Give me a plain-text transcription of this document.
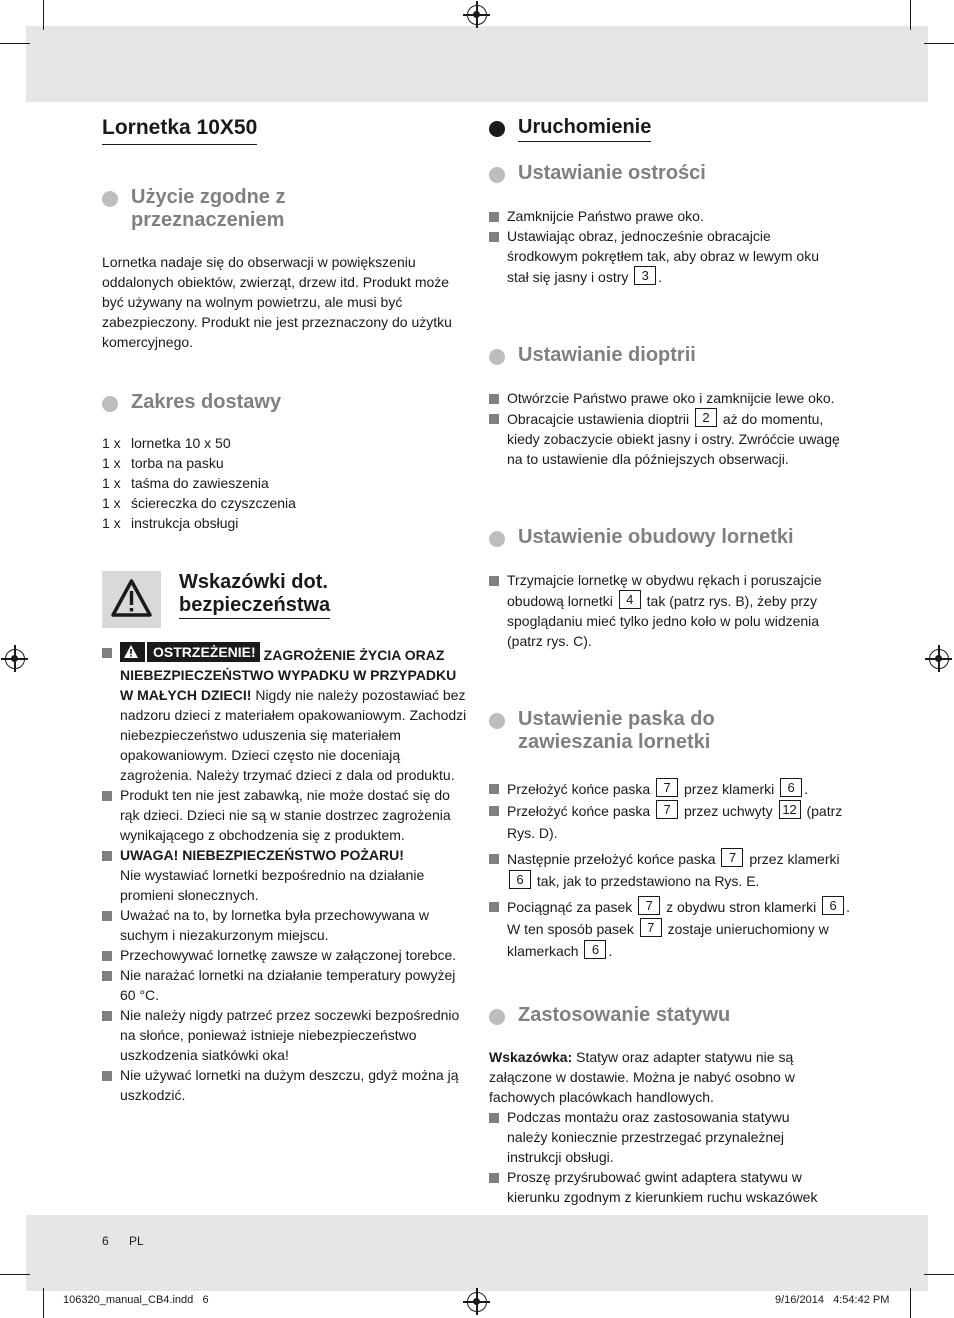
Lornetka 10X50
Użycie zgodne z przeznaczeniem

Lornetka nadaje się do obserwacji w powiększeniu oddalonych obiektów, zwierząt, drzew itd. Produkt może być używany na wolnym powietrzu, ale musi być zabezpieczony. Produkt nie jest przeznaczony do użytku komercyjnego.

Zakres dostawy
1 x lornetka 10 x 50
1 x torba na pasku
1 x taśma do zawieszenia
1 x ściereczka do czyszczenia
1 x instrukcja obsługi
Wskazówki dot.
bezpieczeństwa
OSTRZEŻENIE! ZAGROŻENIE ŻYCIA ORAZ NIEBEZPIECZEŃSTWO WYPADKU W PRZYPADKU W MAŁYCH DZIECI! Nigdy nie należy pozostawiać bez nadzoru dzieci z materiałem opakowaniowym. Zachodzi niebezpieczeństwo uduszenia się materiałem opakowaniowym. Dzieci często nie doceniają zagrożenia. Należy trzymać dzieci z dala od produktu.
Produkt ten nie jest zabawką, nie może dostać się do rąk dzieci. Dzieci nie są w stanie dostrzec zagrożenia wynikającego z obchodzenia się z produktem.
UWAGA! NIEBEZPIECZEŃSTWO POŻARU!
Nie wystawiać lornetki bezpośrednio na działanie promieni słonecznych.
Uważać na to, by lornetka była przechowywana w suchym i niezakurzonym miejscu.
Przechowywać lornetkę zawsze w załączonej torebce.
Nie narażać lornetki na działanie temperatury powyżej 60 °C.
Nie należy nigdy patrzeć przez soczewki bezpośrednio na słońce, ponieważ istnieje niebezpieczeństwo uszkodzenia siatkówki oka!
Nie używać lornetki na dużym deszczu, gdyż można ją uszkodzić.
Uruchomienie
Ustawianie ostrości
Zamknijcie Państwo prawe oko.
Ustawiając obraz, jednocześnie obracajcie środkowym pokrętłem tak, aby obraz w lewym oku stał się jasny i ostry 3 .
Ustawianie dioptrii
Otwórzcie Państwo prawe oko i zamknijcie lewe oko.
Obracajcie ustawienia dioptrii 2 aż do momentu, kiedy zobaczycie obiekt jasny i ostry. Zwróćcie uwagę na to ustawienie dla późniejszych obserwacji.
Ustawienie obudowy lornetki
Trzymajcie lornetkę w obydwu rękach i poruszajcie obudową lornetki 4 tak (patrz rys. B), żeby przy spoglądaniu mieć tylko jedno koło w polu widzenia (patrz rys. C).
Ustawienie paska do zawieszania lornetki
Przełożyć końce paska 7 przez klamerki 6 .
Przełożyć końce paska 7 przez uchwyty 12 (patrz Rys. D).
Następnie przełożyć końce paska 7 przez klamerki 6 tak, jak to przedstawiono na Rys. E.
Pociągnąć za pasek 7 z obydwu stron klamerki 6 .
W ten sposób pasek 7 zostaje unieruchomiony w klamerkach 6 .
Zastosowanie statywu

Wskazówka: Statyw oraz adapter statywu nie są załączone w dostawie. Można je nabyć osobno w fachowych placówkach handlowych.

Podczas montażu oraz zastosowania statywu należy koniecznie przestrzegać przynależnej instrukcji obsługi.
Proszę przyśrubować gwint adaptera statywu w kierunku zgodnym z kierunkiem ruchu wskazówek
6 PL
106320_manual_CB4.indd   6	9/16/2014   4:54:42 PM
